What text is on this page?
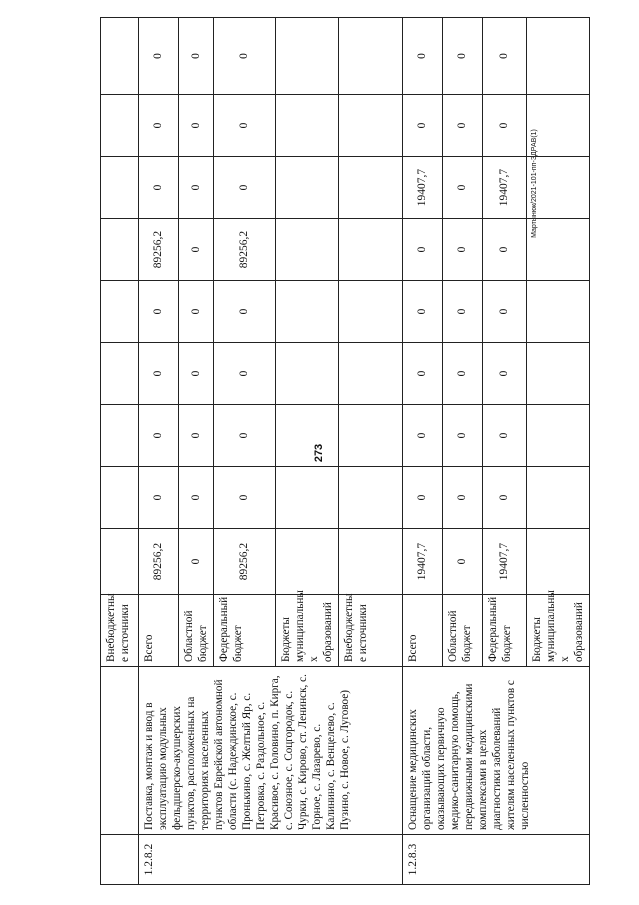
273
Мартынюк/2021-101-пп-ЗДРАВ(1)
		Внебюджетны е источники									
1.2.8.2	Поставка, монтаж и ввод в эксплуатацию модульных фельдшерско-акушерских пунктов, расположенных на территориях населенных пунктов Еврейской автономной области (с. Надеждинское, с. Пронькино, с. Желтый Яр, с. Петровка, с. Раздольное, с. Красивое, с. Головино, п. Кирга, с. Союзное, с. Соцгородок, с. Чурки, с. Кирово, ст. Ленинск, с. Горное, с. Лазарево, с. Калинино, с. Венцелево, с. Пузино, с. Новое, с. Луговое)	Всего	89256,2	0	0	0	0	89256,2	0	0	0
		Областной бюджет	0	0	0	0	0	0	0	0	0
		Федеральный бюджет	89256,2	0	0	0	0	89256,2	0	0	0
		Бюджеты муниципальны х образований									
		Внебюджетны е источники									
1.2.8.3	Оснащение медицинских организаций области, оказывающих первичную медико-санитарную помощь, передвижными медицинскими комплексами в целях диагностики заболеваний жителям населенных пунктов с численностью	Всего	19407,7	0	0	0	0	0	19407,7	0	0
		Областной бюджет	0	0	0	0	0	0	0	0	0
		Федеральный бюджет	19407,7	0	0	0	0	0	19407,7	0	0
		Бюджеты муниципальны х образований									
